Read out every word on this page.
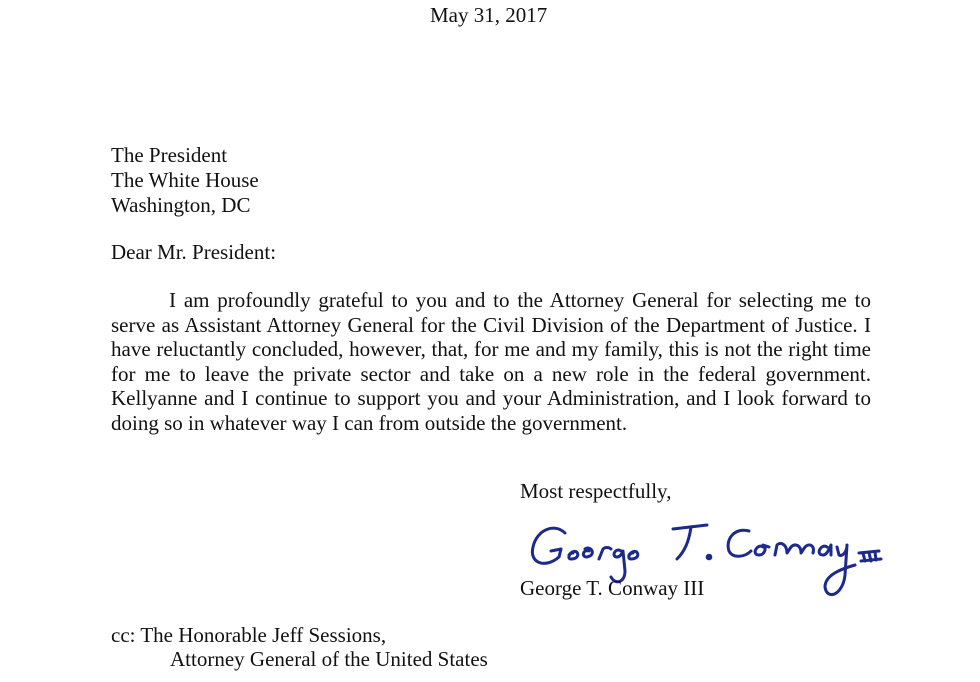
May 31, 2017

The President

The White House

Washington, DC

Dear Mr. President:

I am profoundly grateful to you and to the Attorney General for selecting me to serve as Assistant Attorney General for the Civil Division of the Department of Justice. I have reluctantly concluded, however, that, for me and my family, this is not the right time for me to leave the private sector and take on a new role in the federal government. Kellyanne and I continue to support you and your Administration, and I look forward to doing so in whatever way I can from outside the government.

Most respectfully,

George T. Conway III

cc: The Honorable Jeff Sessions,

Attorney General of the United States
